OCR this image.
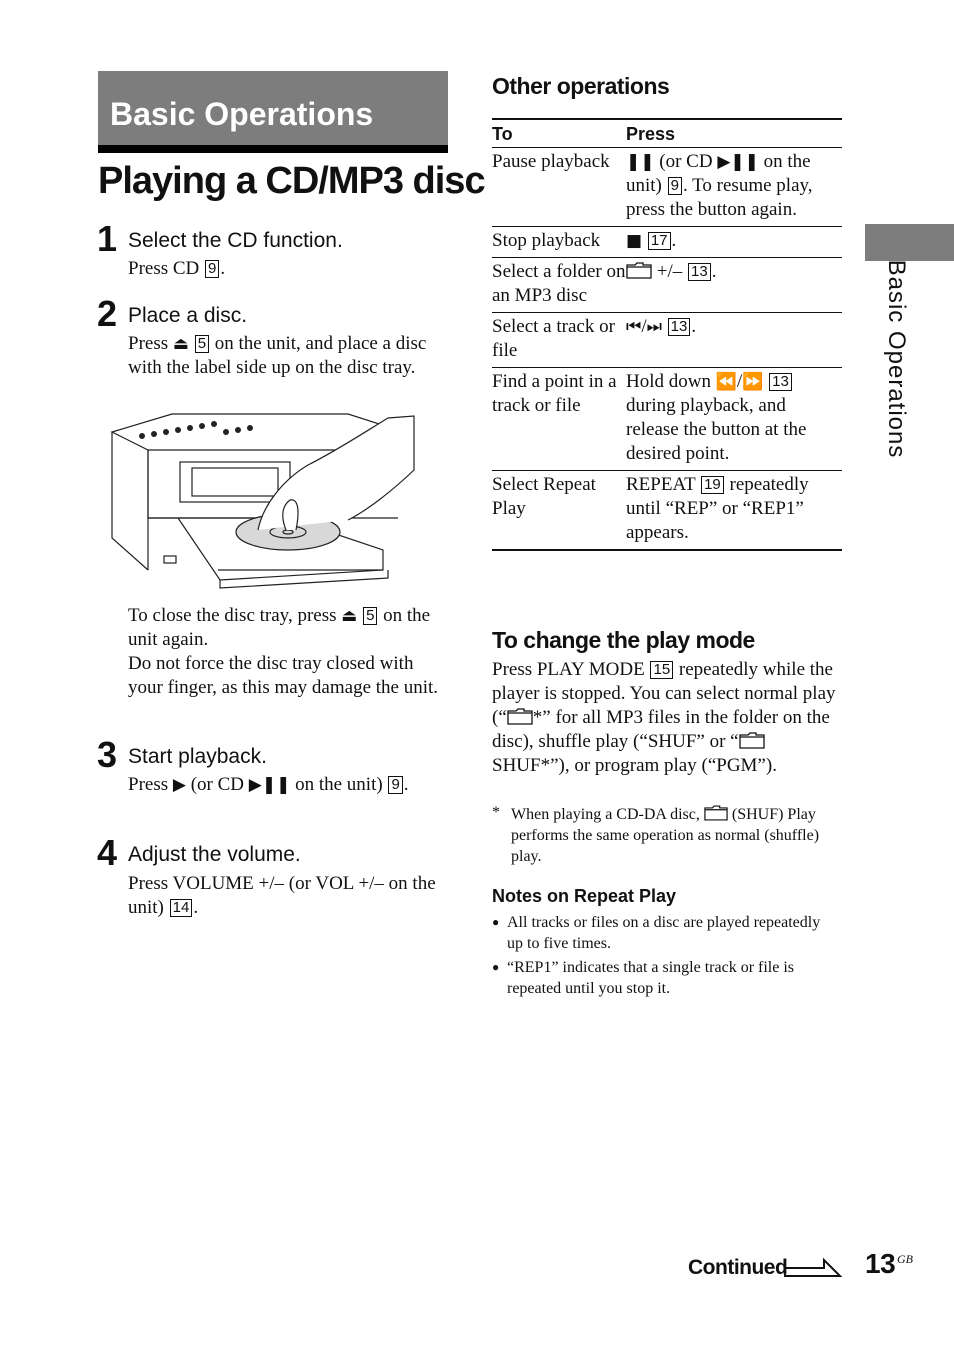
Basic Operations
Playing a CD/MP3 disc
1 Select the CD function.
Press CD 9 .
2 Place a disc.
Press ⏏ 5 on the unit, and place a disc with the label side up on the disc tray.
To close the disc tray, press ⏏ 5 on the unit again.
Do not force the disc tray closed with your finger, as this may damage the unit.
3 Start playback.
Press ▶ (or CD ▶❚❚ on the unit) 9 .
4 Adjust the volume.
Press VOLUME +/– (or VOL +/– on the unit) 14 .
Other operations
To	Press
Pause playback	❚❚ (or CD ▶❚❚ on the unit) 9 . To resume play, press the button again.
Stop playback	■ 17 .
Select a folder on an MP3 disc	+/– 13 .
Select a track or file	⏮/⏭ 13 .
Find a point in a track or file	Hold down ⏪/⏩ 13 during playback, and release the button at the desired point.
Select Repeat Play	REPEAT 19 repeatedly until “REP” or “REP1” appears.
To change the play mode
Press PLAY MODE 15 repeatedly while the player is stopped. You can select normal play (“ *” for all MP3 files in the folder on the disc), shuffle play (“SHUF” or “ SHUF*”), or program play (“PGM”).
* When playing a CD-DA disc, (SHUF) Play performs the same operation as normal (shuffle) play.
Notes on Repeat Play
● All tracks or files on a disc are played repeatedly up to five times.
● “REP1” indicates that a single track or file is repeated until you stop it.
Basic Operations
Continued	13 GB
